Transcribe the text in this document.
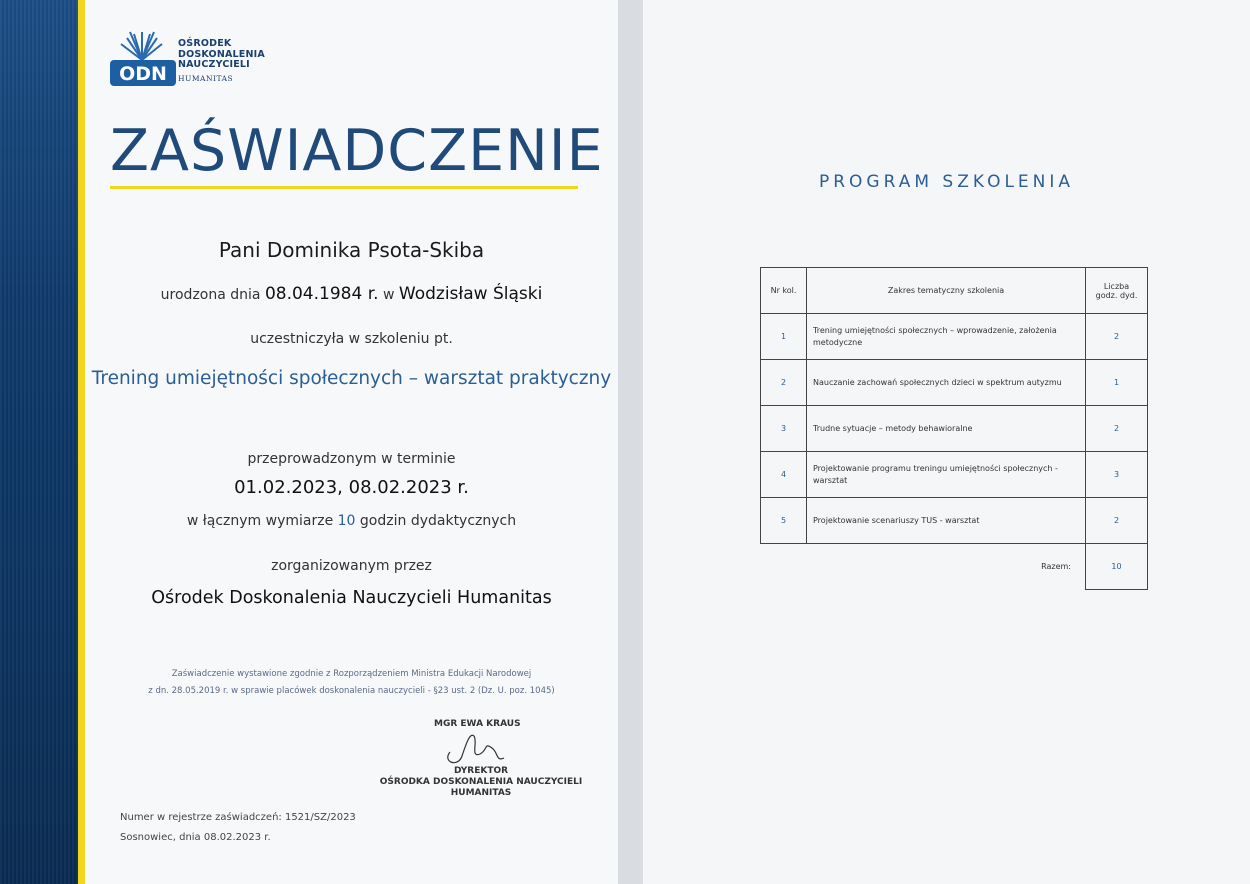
ODN
OŚRODEK
DOSKONALENIA
NAUCZYCIELI
HUMANITAS
ZAŚWIADCZENIE
Pani Dominika Psota-Skiba
urodzona dnia 08.04.1984 r. w Wodzisław Śląski
uczestniczyła w szkoleniu pt.
Trening umiejętności społecznych – warsztat praktyczny
przeprowadzonym w terminie
01.02.2023, 08.02.2023 r.
w łącznym wymiarze 10 godzin dydaktycznych
zorganizowanym przez
Ośrodek Doskonalenia Nauczycieli Humanitas
Zaświadczenie wystawione zgodnie z Rozporządzeniem Ministra Edukacji Narodowej
z dn. 28.05.2019 r. w sprawie placówek doskonalenia nauczycieli - §23 ust. 2 (Dz. U. poz. 1045)
MGR EWA KRAUS
DYREKTOR
OŚRODKA DOSKONALENIA NAUCZYCIELI
HUMANITAS
Numer w rejestrze zaświadczeń: 1521/SZ/2023
Sosnowiec, dnia 08.02.2023 r.
PROGRAM SZKOLENIA
Nr kol.	Zakres tematyczny szkolenia	Liczba
godz. dyd.

1	Trening umiejętności społecznych – wprowadzenie, założenia metodyczne	2
2	Nauczanie zachowań społecznych dzieci w spektrum autyzmu	1
3	Trudne sytuacje – metody behawioralne	2
4	Projektowanie programu treningu umiejętności społecznych - warsztat	3
5	Projektowanie scenariuszy TUS - warsztat	2
	Razem:	10
